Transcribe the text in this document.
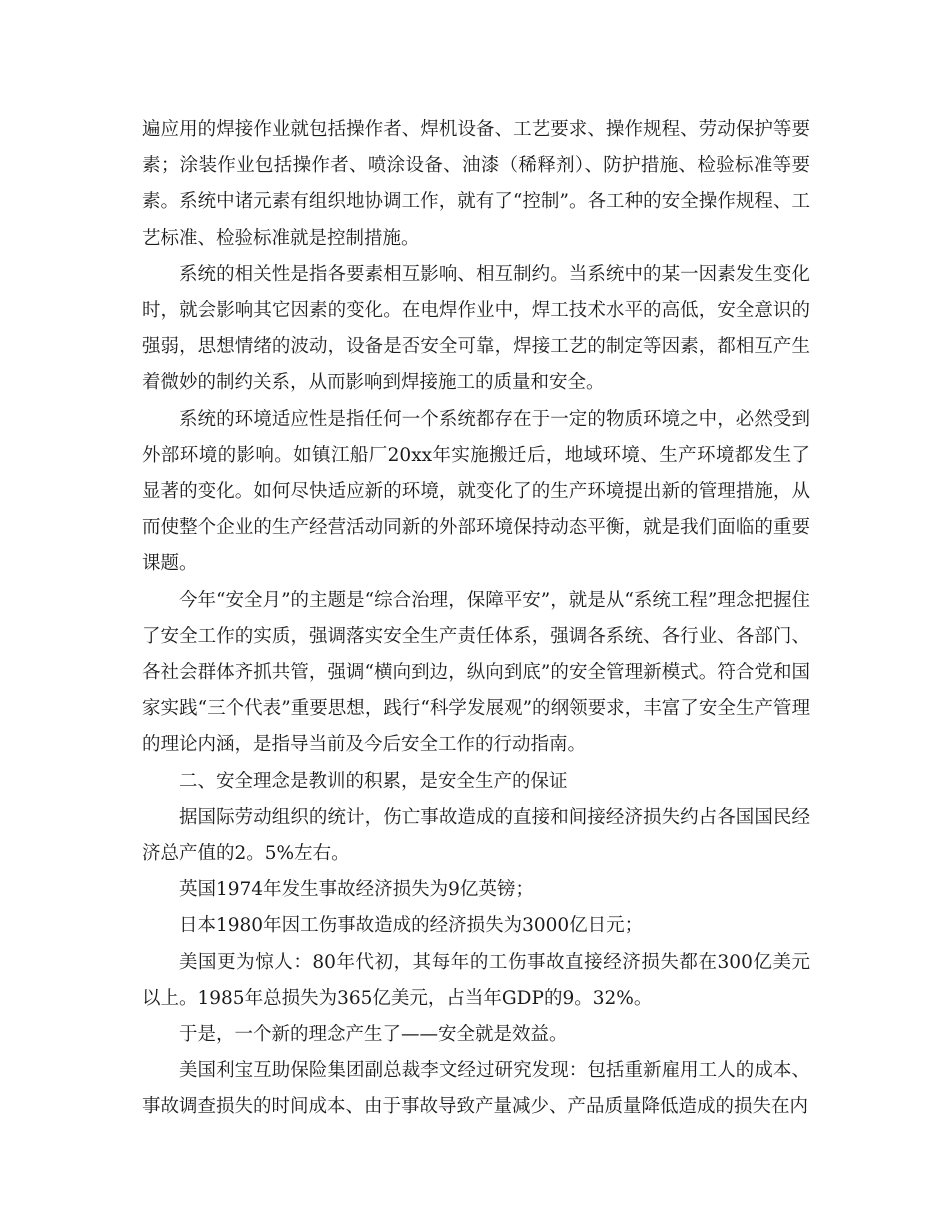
遍应用的焊接作业就包括操作者、焊机设备、工艺要求、操作规程、劳动保护等要素；涂装作业包括操作者、喷涂设备、油漆（稀释剂）、防护措施、检验标准等要素。系统中诸元素有组织地协调工作，就有了“控制”。各工种的安全操作规程、工艺标准、检验标准就是控制措施。

系统的相关性是指各要素相互影响、相互制约。当系统中的某一因素发生变化时，就会影响其它因素的变化。在电焊作业中，焊工技术水平的高低，安全意识的强弱，思想情绪的波动，设备是否安全可靠，焊接工艺的制定等因素，都相互产生着微妙的制约关系，从而影响到焊接施工的质量和安全。

系统的环境适应性是指任何一个系统都存在于一定的物质环境之中，必然受到外部环境的影响。如镇江船厂20xx年实施搬迁后，地域环境、生产环境都发生了显著的变化。如何尽快适应新的环境，就变化了的生产环境提出新的管理措施，从而使整个企业的生产经营活动同新的外部环境保持动态平衡，就是我们面临的重要课题。

今年“安全月”的主题是“综合治理，保障平安”，就是从“系统工程”理念把握住了安全工作的实质，强调落实安全生产责任体系，强调各系统、各行业、各部门、各社会群体齐抓共管，强调“横向到边，纵向到底”的安全管理新模式。符合党和国家实践“三个代表”重要思想，践行“科学发展观”的纲领要求，丰富了安全生产管理的理论内涵，是指导当前及今后安全工作的行动指南。

二、安全理念是教训的积累，是安全生产的保证

据国际劳动组织的统计，伤亡事故造成的直接和间接经济损失约占各国国民经济总产值的2。5%左右。

英国1974年发生事故经济损失为9亿英镑；

日本1980年因工伤事故造成的经济损失为3000亿日元；

美国更为惊人：80年代初，其每年的工伤事故直接经济损失都在300亿美元以上。1985年总损失为365亿美元，占当年GDP的9。32%。

于是，一个新的理念产生了——安全就是效益。

美国利宝互助保险集团副总裁李文经过研究发现：包括重新雇用工人的成本、事故调查损失的时间成本、由于事故导致产量减少、产品质量降低造成的损失在内
